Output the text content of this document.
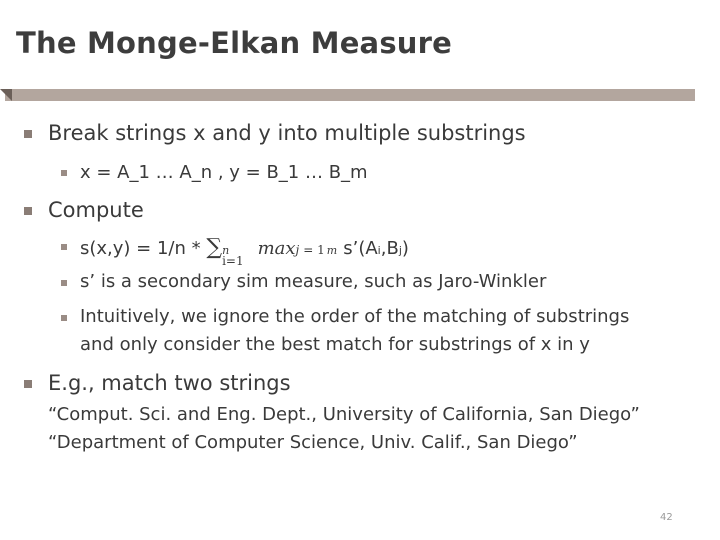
The Monge-Elkan Measure

Break strings x and y into multiple substrings

x = A_1 … A_n , y = B_1 … B_m

Compute

s(x,y) = 1/n * ∑ n
i=1
max j = 1 m s’(A i ,B j )

s’ is a secondary sim measure, such as Jaro-Winkler

Intuitively, we ignore the order of the matching of substrings

and only consider the best match for substrings of x in y

E.g., match two strings

“Comput. Sci. and Eng. Dept., University of California, San Diego”

“Department of Computer Science, Univ. Calif., San Diego”

42
